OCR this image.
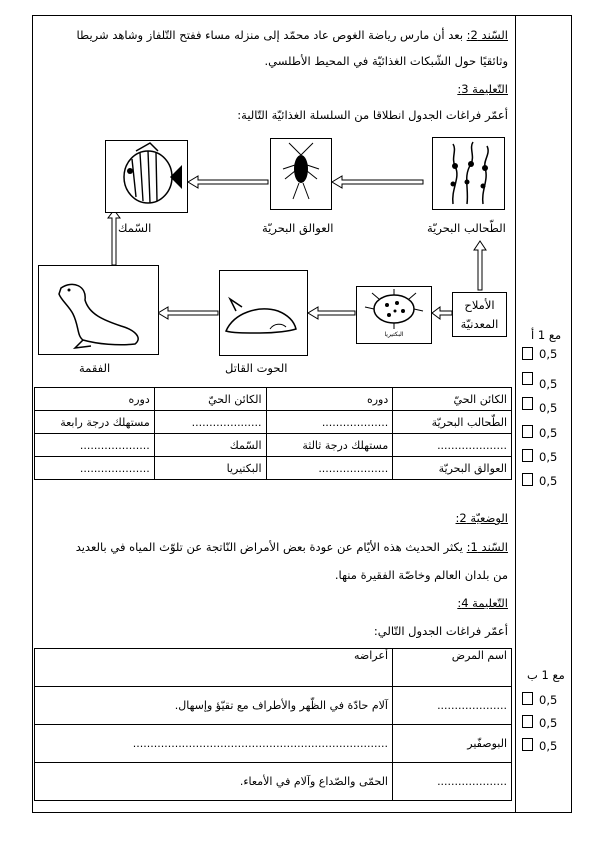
السّند 2: بعد أن مارس رياضة الغوص عاد محمّد إلى منزله مساء ففتح التّلفاز وشاهد شريطا
وثائقيًا حول الشّبكات الغذائيّة في المحيط الأطلسي.
التّعليمة 3:
أعمّر فراغات الجدول انطلاقا من السلسلة الغذائيّة التّالية:
السّمك	العوالق البحريّة	الطّحالب البحريّة
الفقمة	الحوت القاتل
البكتيريا
الأملاح المعدنيّة
الكائن الحيّ	دوره	الكائن الحيّ	دوره
الطّحالب البحريّة	...................	....................	مستهلك درجة رابعة
....................	مستهلك درجة ثالثة	السّمك	....................
العوالق البحريّة	....................	البكتيريا	....................
الوضعيّة 2:
السّند 1: يكثر الحديث هذه الأيّام عن عودة بعض الأمراض النّاتجة عن تلوّث المياه في بالعديد
من بلدان العالم وخاصّة الفقيرة منها.
التّعليمة 4:
أعمّر فراغات الجدول التّالي:
اسم المرض	أعراضه
....................	آلام حادّة في الظّهر والأطراف مع تقيّؤ وإسهال.
البوصفّير	.........................................................................
....................	الحمّى والصّداع وآلام في الأمعاء.
مع 1 أ
0,5
0,5
0,5
0,5
0,5
0,5
مع 1 ب
0,5
0,5
0,5
